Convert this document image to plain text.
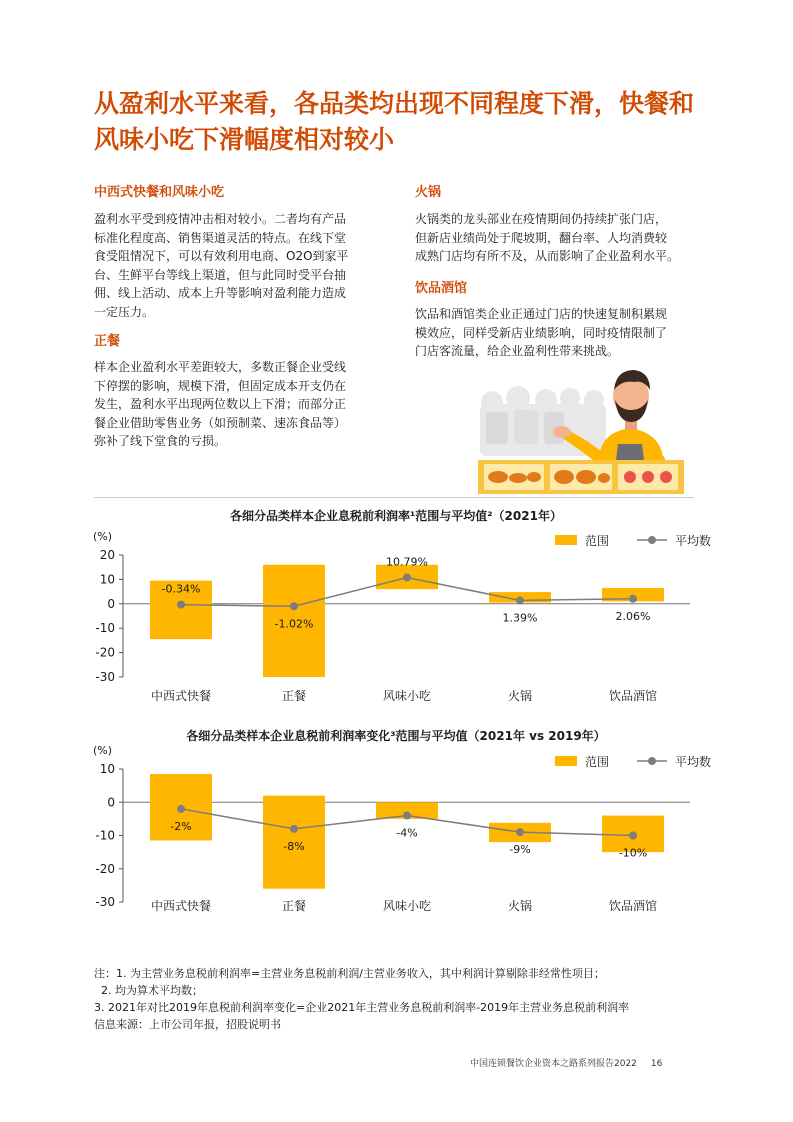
从盈利水平来看，各品类均出现不同程度下滑，快餐和风味小吃下滑幅度相对较小
中西式快餐和风味小吃
盈利水平受到疫情冲击相对较小。二者均有产品
标准化程度高、销售渠道灵活的特点。在线下堂
食受阻情况下，可以有效利用电商、O2O到家平
台、生鲜平台等线上渠道，但与此同时受平台抽
佣、线上活动、成本上升等影响对盈利能力造成
一定压力。
正餐
样本企业盈利水平差距较大，多数正餐企业受线
下停摆的影响，规模下滑，但固定成本开支仍在
发生，盈利水平出现两位数以上下滑；而部分正
餐企业借助零售业务（如预制菜、速冻食品等）
弥补了线下堂食的亏损。
火锅
火锅类的龙头部业在疫情期间仍持续扩张门店，
但新店业绩尚处于爬坡期，翻台率、人均消费较
成熟门店均有所不及，从而影响了企业盈利水平。
饮品酒馆
饮品和酒馆类企业正通过门店的快速复制积累规
模效应，同样受新店业绩影响，同时疫情限制了
门店客流量，给企业盈利性带来挑战。
各细分品类样本企业息税前利润率¹范围与平均值²（2021年）
(%)	范围	平均数
20
10
0
-10
-20
-30
中西式快餐	正餐	风味小吃	火锅	饮品酒馆
-0.34%
-1.02%
10.79%
1.39%	2.06%
各细分品类样本企业息税前利润率变化³范围与平均值（2021年 vs 2019年）
(%)
范围	平均数
10
0
-10
-20
-30	中西式快餐	正餐	风味小吃	火锅	饮品酒馆
-2%
-8%
-4%
-9%	-10%
注：1. 为主营业务息税前利润率=主营业务息税前利润/主营业务收入，其中利润计算剔除非经常性项目；
2. 均为算术平均数；
3. 2021年对比2019年息税前利润率变化=企业2021年主营业务息税前利润率-2019年主营业务息税前利润率
信息来源：上市公司年报，招股说明书
中国连锁餐饮企业资本之路系列报告2022 16
